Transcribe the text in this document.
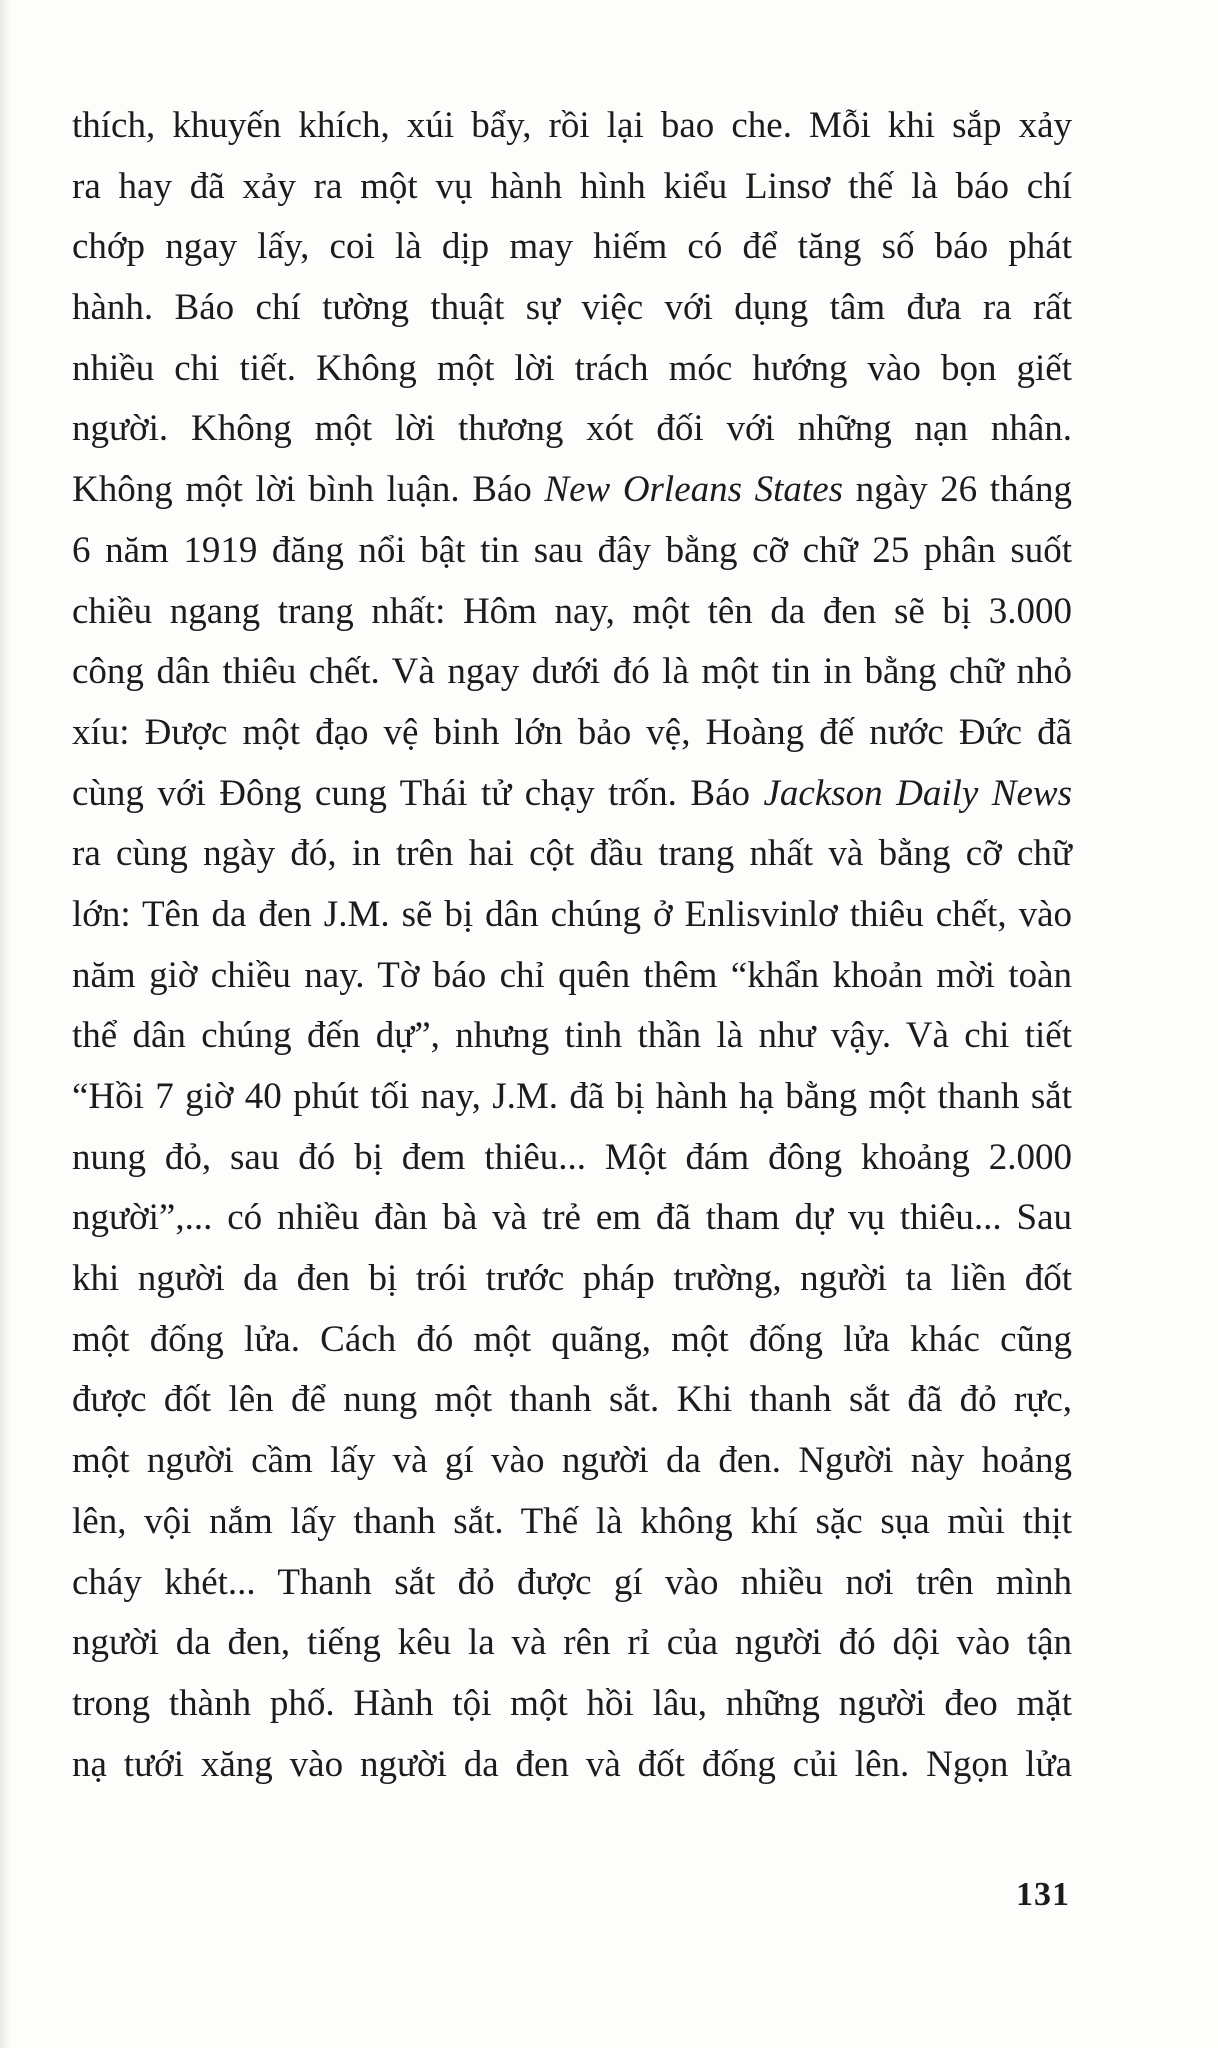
thích, khuyến khích, xúi bẩy, rồi lại bao che. Mỗi khi sắp xảy
ra hay đã xảy ra một vụ hành hình kiểu Linsơ thế là báo chí
chớp ngay lấy, coi là dịp may hiếm có để tăng số báo phát
hành. Báo chí tường thuật sự việc với dụng tâm đưa ra rất
nhiều chi tiết. Không một lời trách móc hướng vào bọn giết
người. Không một lời thương xót đối với những nạn nhân.
Không một lời bình luận. Báo New Orleans States ngày 26 tháng
6 năm 1919 đăng nổi bật tin sau đây bằng cỡ chữ 25 phân suốt
chiều ngang trang nhất: Hôm nay, một tên da đen sẽ bị 3.000
công dân thiêu chết. Và ngay dưới đó là một tin in bằng chữ nhỏ
xíu: Được một đạo vệ binh lớn bảo vệ, Hoàng đế nước Đức đã
cùng với Đông cung Thái tử chạy trốn. Báo Jackson Daily News
ra cùng ngày đó, in trên hai cột đầu trang nhất và bằng cỡ chữ
lớn: Tên da đen J.M. sẽ bị dân chúng ở Enlisvinlơ thiêu chết, vào
năm giờ chiều nay. Tờ báo chỉ quên thêm “khẩn khoản mời toàn
thể dân chúng đến dự”, nhưng tinh thần là như vậy. Và chi tiết
“Hồi 7 giờ 40 phút tối nay, J.M. đã bị hành hạ bằng một thanh sắt
nung đỏ, sau đó bị đem thiêu... Một đám đông khoảng 2.000
người”,... có nhiều đàn bà và trẻ em đã tham dự vụ thiêu... Sau
khi người da đen bị trói trước pháp trường, người ta liền đốt
một đống lửa. Cách đó một quãng, một đống lửa khác cũng
được đốt lên để nung một thanh sắt. Khi thanh sắt đã đỏ rực,
một người cầm lấy và gí vào người da đen. Người này hoảng
lên, vội nắm lấy thanh sắt. Thế là không khí sặc sụa mùi thịt
cháy khét... Thanh sắt đỏ được gí vào nhiều nơi trên mình
người da đen, tiếng kêu la và rên rỉ của người đó dội vào tận
trong thành phố. Hành tội một hồi lâu, những người đeo mặt
nạ tưới xăng vào người da đen và đốt đống củi lên. Ngọn lửa
131
